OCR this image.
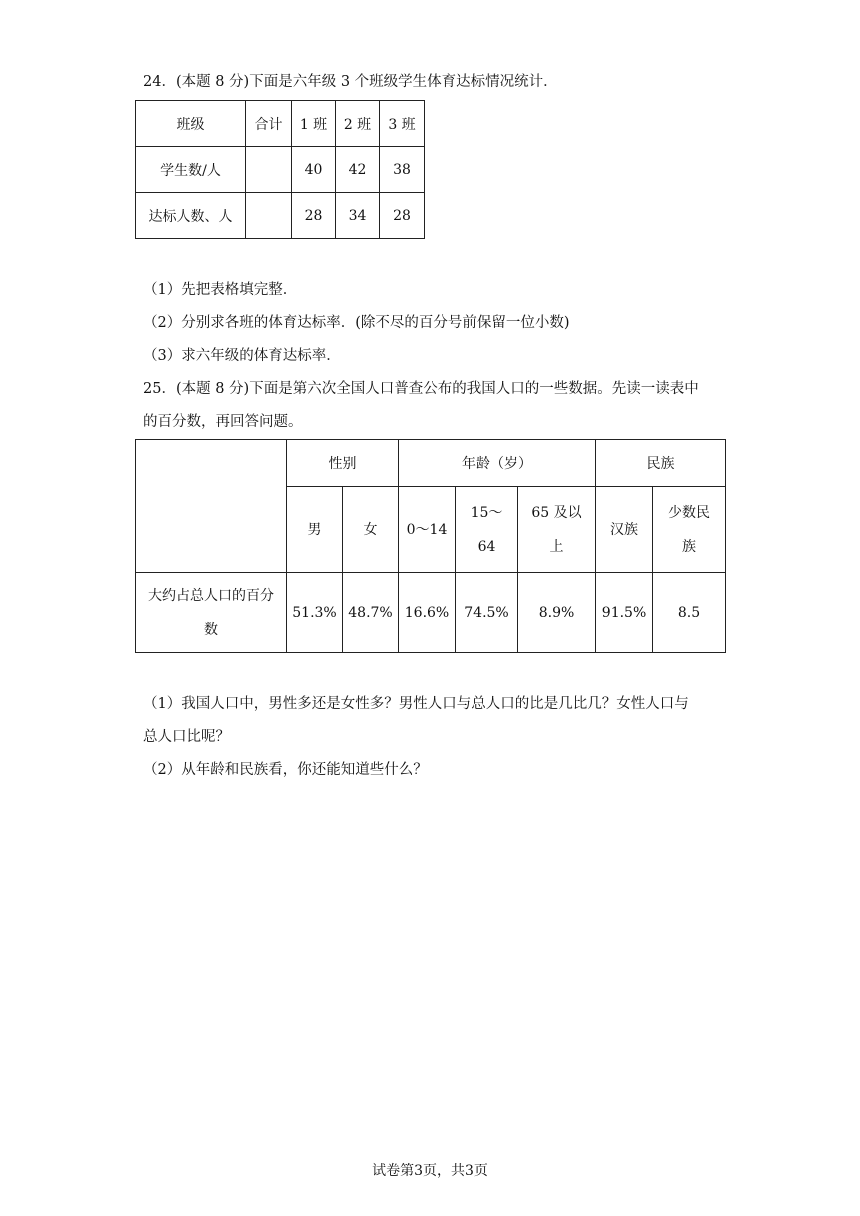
24．(本题 8 分)下面是六年级 3 个班级学生体育达标情况统计．
班级	合计	1 班	2 班	3 班
学生数/人		40	42	38
达标人数、人		28	34	28
（1）先把表格填完整．
（2）分别求各班的体育达标率．(除不尽的百分号前保留一位小数)
（3）求六年级的体育达标率．
25．(本题 8 分)下面是第六次全国人口普查公布的我国人口的一些数据。先读一读表中
的百分数，再回答问题。
	性别		年龄（岁）			民族	
	男	女	0～14	15～64	65 及以上	汉族	少数民族
大约占总人口的百分数	51.3%	48.7%	16.6%	74.5%	8.9%	91.5%	8.5
（1）我国人口中，男性多还是女性多？男性人口与总人口的比是几比几？女性人口与
总人口比呢？
（2）从年龄和民族看，你还能知道些什么？
试卷第3页，共3页
